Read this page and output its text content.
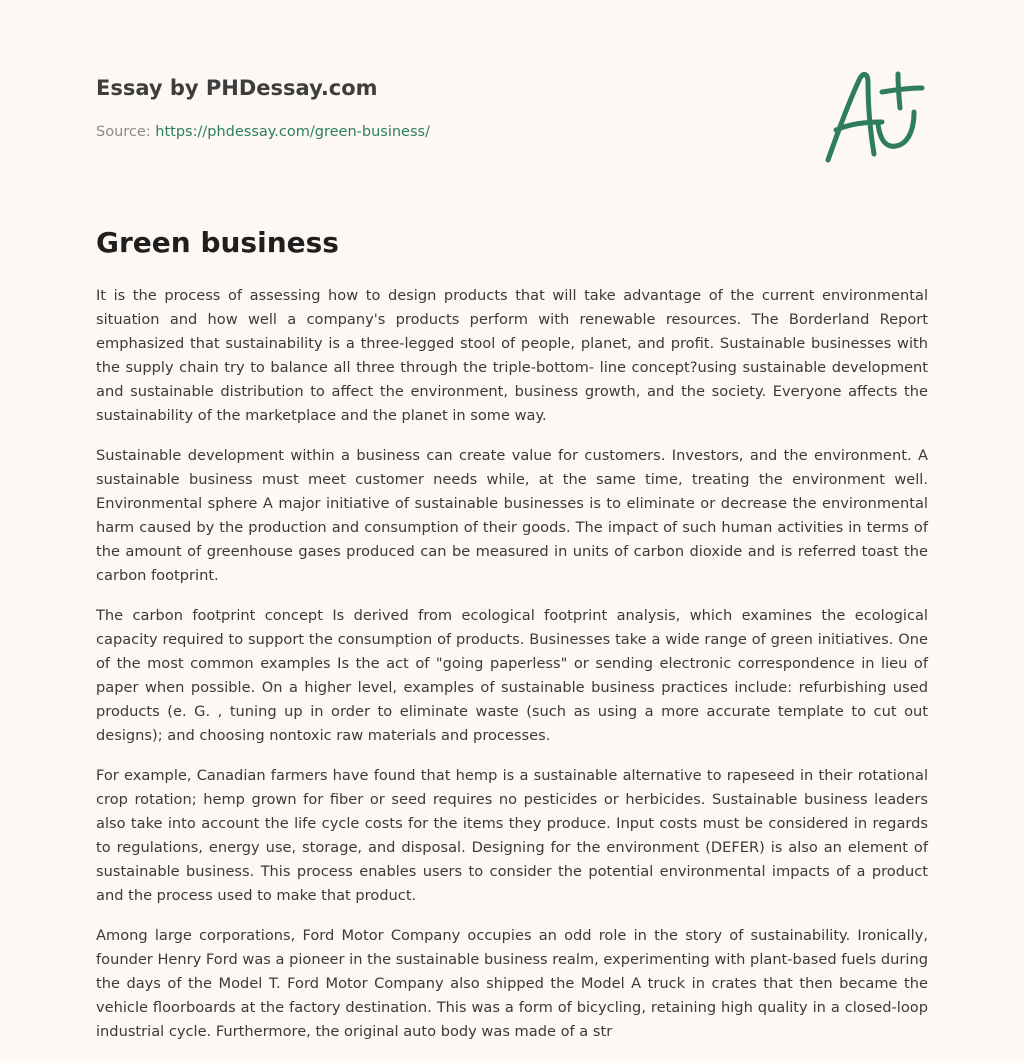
Essay by PHDessay.com
Source: https://phdessay.com/green-business/
Green business

It is the process of assessing how to design products that will take advantage of the current environmental situation and how well a company's products perform with renewable resources. The Borderland Report emphasized that sustainability is a three-legged stool of people, planet, and profit. Sustainable businesses with the supply chain try to balance all three through the triple-bottom- line concept?using sustainable development and sustainable distribution to affect the environment, business growth, and the society. Everyone affects the sustainability of the marketplace and the planet in some way.

Sustainable development within a business can create value for customers. Investors, and the environment. A sustainable business must meet customer needs while, at the same time, treating the environment well. Environmental sphere A major initiative of sustainable businesses is to eliminate or decrease the environmental harm caused by the production and consumption of their goods. The impact of such human activities in terms of the amount of greenhouse gases produced can be measured in units of carbon dioxide and is referred toast the carbon footprint.

The carbon footprint concept Is derived from ecological footprint analysis, which examines the ecological capacity required to support the consumption of products. Businesses take a wide range of green initiatives. One of the most common examples Is the act of "going paperless" or sending electronic correspondence in lieu of paper when possible. On a higher level, examples of sustainable business practices include: refurbishing used products (e. G. , tuning up in order to eliminate waste (such as using a more accurate template to cut out designs); and choosing nontoxic raw materials and processes.

For example, Canadian farmers have found that hemp is a sustainable alternative to rapeseed in their rotational crop rotation; hemp grown for fiber or seed requires no pesticides or herbicides. Sustainable business leaders also take into account the life cycle costs for the items they produce. Input costs must be considered in regards to regulations, energy use, storage, and disposal. Designing for the environment (DEFER) is also an element of sustainable business. This process enables users to consider the potential environmental impacts of a product and the process used to make that product.

Among large corporations, Ford Motor Company occupies an odd role in the story of sustainability. Ironically, founder Henry Ford was a pioneer in the sustainable business realm, experimenting with plant-based fuels during the days of the Model T. Ford Motor Company also shipped the Model A truck in crates that then became the vehicle floorboards at the factory destination. This was a form of bicycling, retaining high quality in a closed-loop industrial cycle. Furthermore, the original auto body was made of a str
